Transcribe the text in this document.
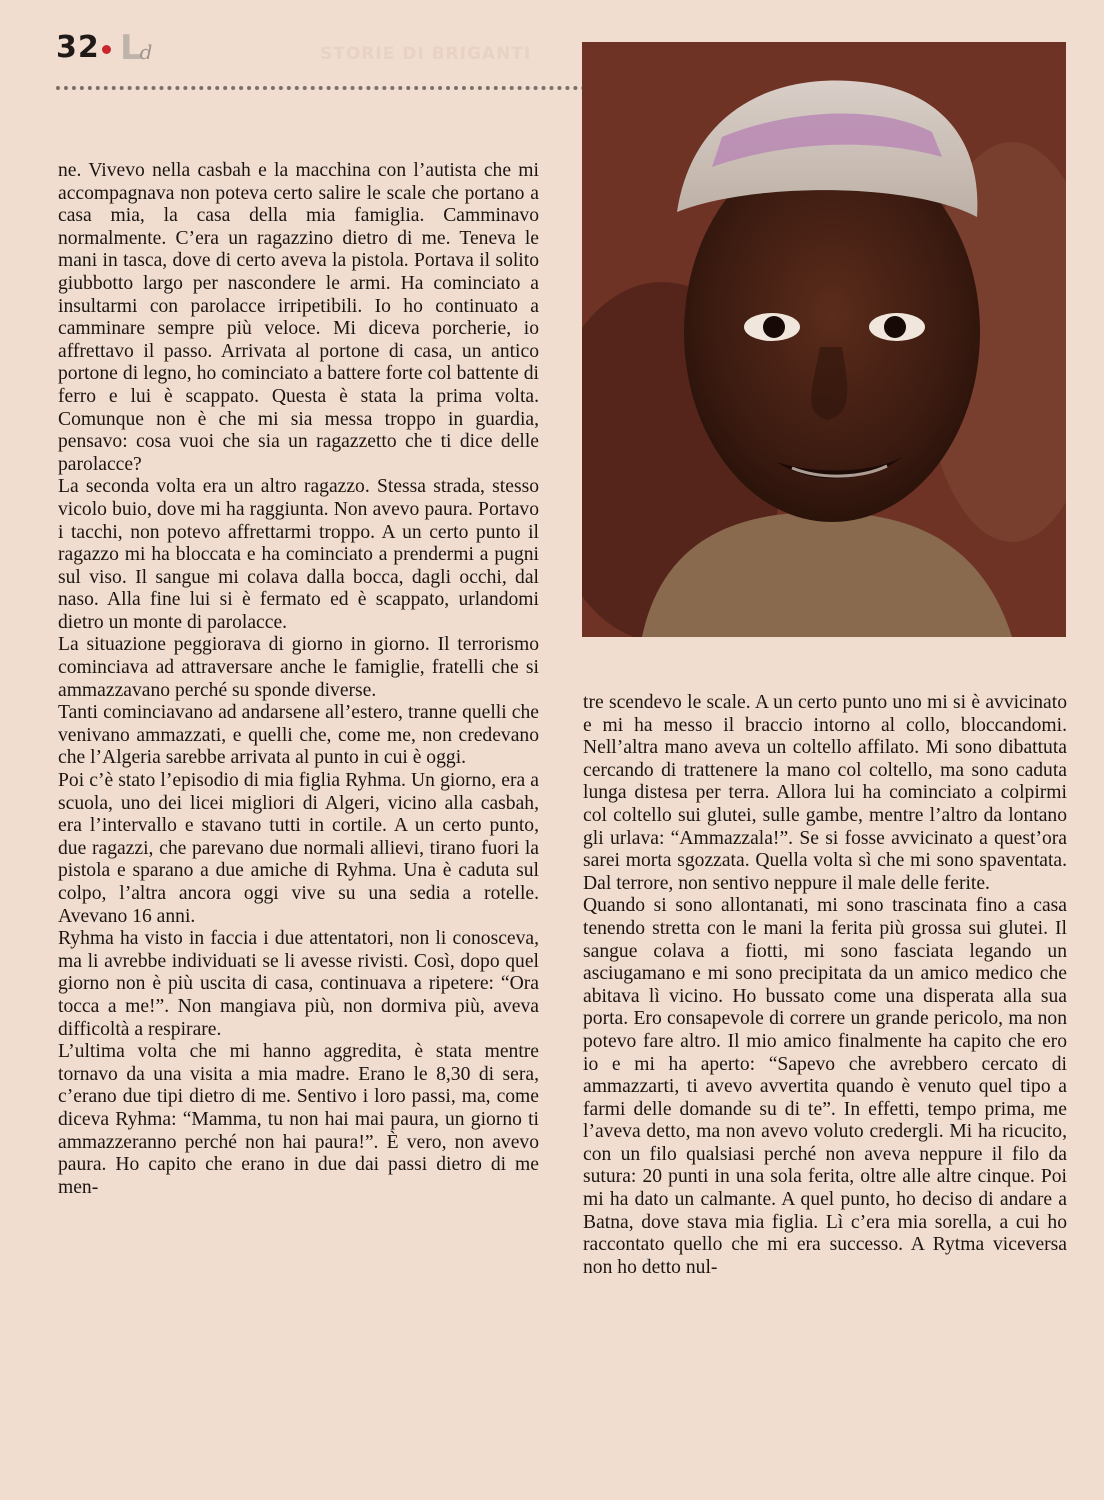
32 Ld	STORIE DI BRIGANTI

ne. Vivevo nella casbah e la macchina con l’autista che mi accompagnava non poteva certo salire le scale che portano a casa mia, la casa della mia famiglia. Camminavo normalmente. C’era un ragazzino dietro di me. Teneva le mani in tasca, dove di certo aveva la pistola. Portava il solito giubbotto largo per nascondere le armi. Ha cominciato a insultarmi con parolacce irripetibili. Io ho continuato a camminare sempre più veloce. Mi diceva porcherie, io affrettavo il passo. Arrivata al portone di casa, un antico portone di legno, ho cominciato a battere forte col battente di ferro e lui è scappato. Questa è stata la prima volta. Comunque non è che mi sia messa troppo in guardia, pensavo: cosa vuoi che sia un ragazzetto che ti dice delle parolacce?

La seconda volta era un altro ragazzo. Stessa strada, stesso vicolo buio, dove mi ha raggiunta. Non avevo paura. Portavo i tacchi, non potevo affrettarmi troppo. A un certo punto il ragazzo mi ha bloccata e ha cominciato a prendermi a pugni sul viso. Il sangue mi colava dalla bocca, dagli occhi, dal naso. Alla fine lui si è fermato ed è scappato, urlandomi dietro un monte di parolacce.

La situazione peggiorava di giorno in giorno. Il terrorismo cominciava ad attraversare anche le famiglie, fratelli che si ammazzavano perché su sponde diverse.

Tanti cominciavano ad andarsene all’estero, tranne quelli che venivano ammazzati, e quelli che, come me, non credevano che l’Algeria sarebbe arrivata al punto in cui è oggi.

Poi c’è stato l’episodio di mia figlia Ryhma. Un giorno, era a scuola, uno dei licei migliori di Algeri, vicino alla casbah, era l’intervallo e stavano tutti in cortile. A un certo punto, due ragazzi, che parevano due normali allievi, tirano fuori la pistola e sparano a due amiche di Ryhma. Una è caduta sul colpo, l’altra ancora oggi vive su una sedia a rotelle. Avevano 16 anni.

Ryhma ha visto in faccia i due attentatori, non li conosceva, ma li avrebbe individuati se li avesse rivisti. Così, dopo quel giorno non è più uscita di casa, continuava a ripetere: “Ora tocca a me!”. Non mangiava più, non dormiva più, aveva difficoltà a respirare.

L’ultima volta che mi hanno aggredita, è stata mentre tornavo da una visita a mia madre. Erano le 8,30 di sera, c’erano due tipi dietro di me. Sentivo i loro passi, ma, come diceva Ryhma: “Mamma, tu non hai mai paura, un giorno ti ammazzeranno perché non hai paura!”. È vero, non avevo paura. Ho capito che erano in due dai passi dietro di me men-

tre scendevo le scale. A un certo punto uno mi si è avvicinato e mi ha messo il braccio intorno al collo, bloccandomi. Nell’altra mano aveva un coltello affilato. Mi sono dibattuta cercando di trattenere la mano col coltello, ma sono caduta lunga distesa per terra. Allora lui ha cominciato a colpirmi col coltello sui glutei, sulle gambe, mentre l’altro da lontano gli urlava: “Ammazzala!”. Se si fosse avvicinato a quest’ora sarei morta sgozzata. Quella volta sì che mi sono spaventata. Dal terrore, non sentivo neppure il male delle ferite.

Quando si sono allontanati, mi sono trascinata fino a casa tenendo stretta con le mani la ferita più grossa sui glutei. Il sangue colava a fiotti, mi sono fasciata legando un asciugamano e mi sono precipitata da un amico medico che abitava lì vicino. Ho bussato come una disperata alla sua porta. Ero consapevole di correre un grande pericolo, ma non potevo fare altro. Il mio amico finalmente ha capito che ero io e mi ha aperto: “Sapevo che avrebbero cercato di ammazzarti, ti avevo avvertita quando è venuto quel tipo a farmi delle domande su di te”. In effetti, tempo prima, me l’aveva detto, ma non avevo voluto credergli. Mi ha ricucito, con un filo qualsiasi perché non aveva neppure il filo da sutura: 20 punti in una sola ferita, oltre alle altre cinque. Poi mi ha dato un calmante. A quel punto, ho deciso di andare a Batna, dove stava mia figlia. Lì c’era mia sorella, a cui ho raccontato quello che mi era successo. A Rytma viceversa non ho detto nul-
